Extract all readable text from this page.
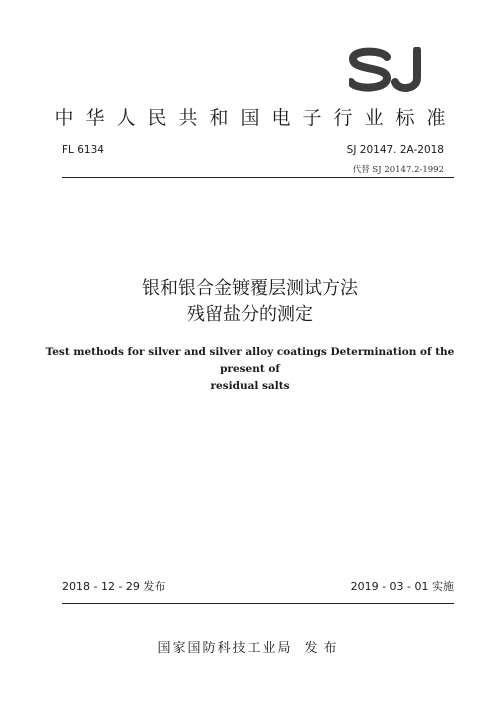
中华人民共和国电子行业标准
FL 6134	SJ 20147. 2A-2018
代替 SJ 20147.2-1992
银和银合金镀覆层测试方法
残留盐分的测定
Test methods for silver and silver alloy coatings Determination of the present of
residual salts
2018 - 12 - 29 发布	2019 - 03 - 01 实施
国家国防科技工业局 发布
